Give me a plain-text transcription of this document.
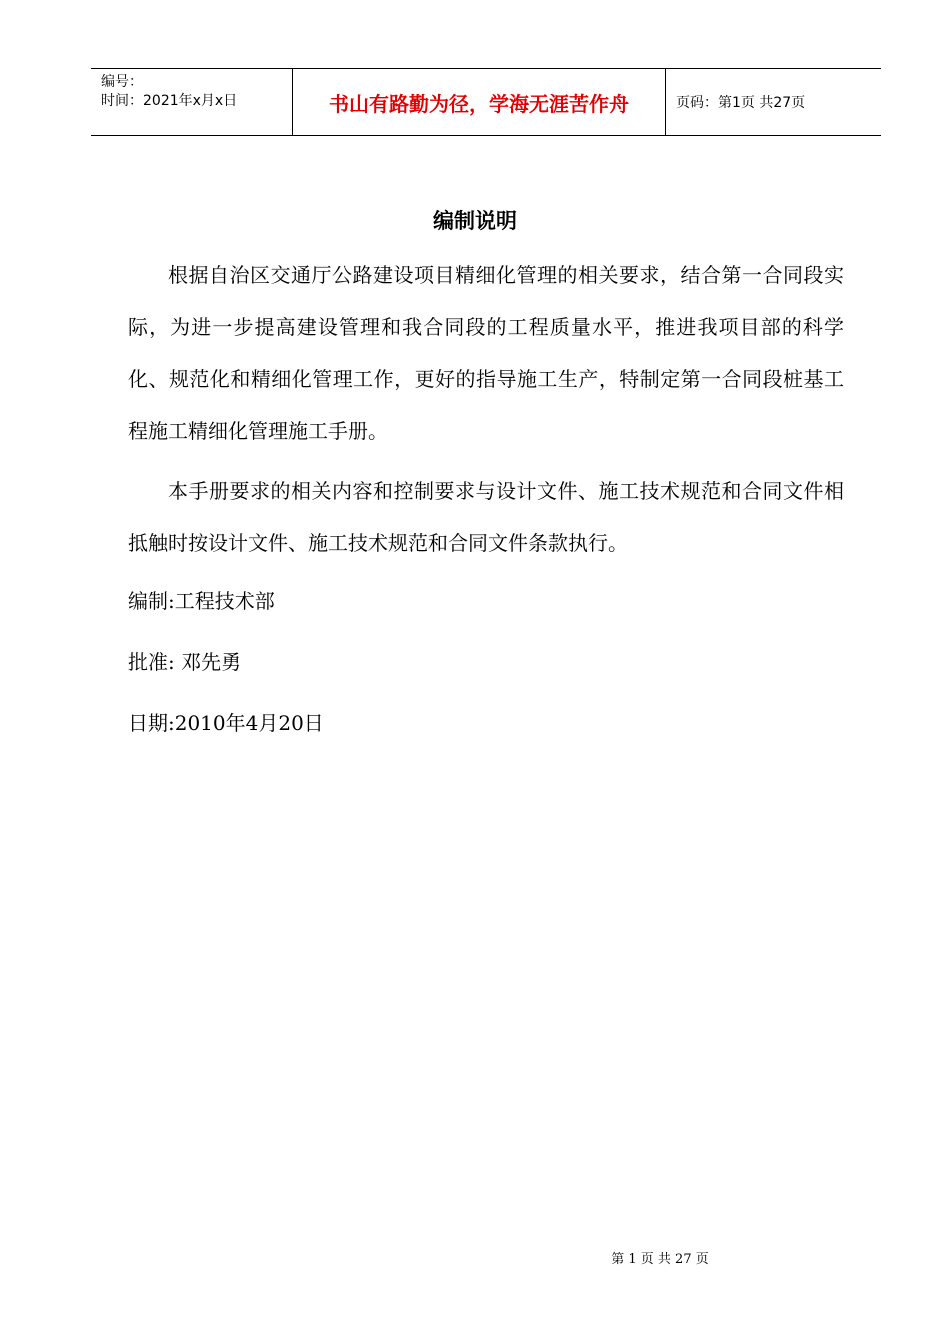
编号：
时间：2021年x月x日	书山有路勤为径，学海无涯苦作舟	页码：第1页 共27页
编制说明

根据自治区交通厅公路建设项目精细化管理的相关要求，结合第一合同段实际，为进一步提高建设管理和我合同段的工程质量水平，推进我项目部的科学化、规范化和精细化管理工作，更好的指导施工生产，特制定第一合同段桩基工程施工精细化管理施工手册。

本手册要求的相关内容和控制要求与设计文件、施工技术规范和合同文件相抵触时按设计文件、施工技术规范和合同文件条款执行。

编制:工程技术部
批准: 邓先勇
日期:2010年4月20日
第 1 页 共 27 页
